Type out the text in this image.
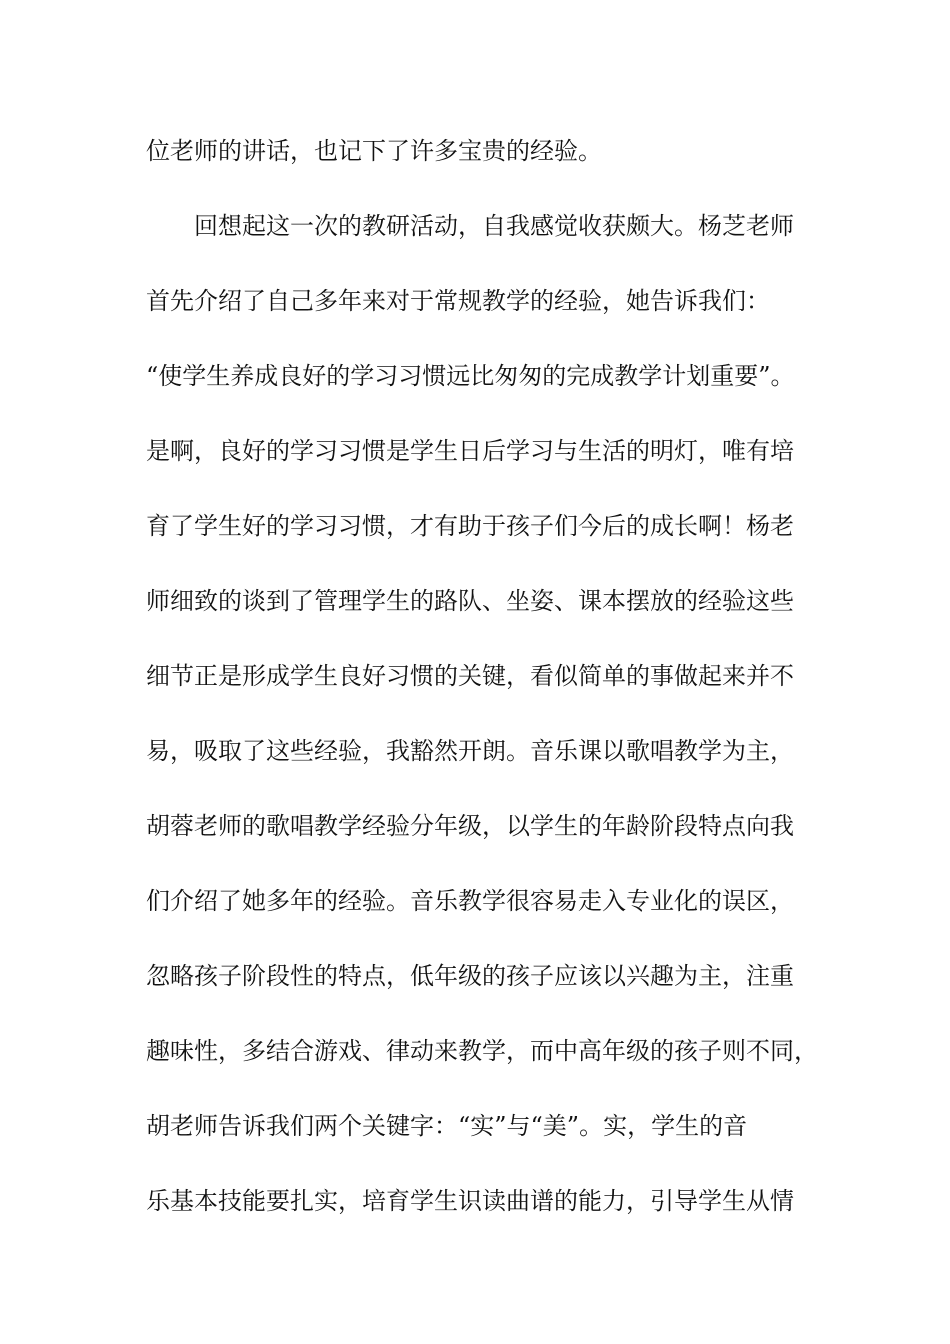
位老师的讲话，也记下了许多宝贵的经验。
回想起这一次的教研活动，自我感觉收获颇大。杨芝老师
首先介绍了自己多年来对于常规教学的经验，她告诉我们：
“使学生养成良好的学习习惯远比匆匆的完成教学计划重要”。
是啊，良好的学习习惯是学生日后学习与生活的明灯，唯有培
育了学生好的学习习惯，才有助于孩子们今后的成长啊！杨老
师细致的谈到了管理学生的路队、坐姿、课本摆放的经验这些
细节正是形成学生良好习惯的关键，看似简单的事做起来并不
易，吸取了这些经验，我豁然开朗。音乐课以歌唱教学为主，
胡蓉老师的歌唱教学经验分年级，以学生的年龄阶段特点向我
们介绍了她多年的经验。音乐教学很容易走入专业化的误区，
忽略孩子阶段性的特点，低年级的孩子应该以兴趣为主，注重
趣味性，多结合游戏、律动来教学，而中高年级的孩子则不同，
胡老师告诉我们两个关键字：“实”与“美”。实，学生的音
乐基本技能要扎实，培育学生识读曲谱的能力，引导学生从情
